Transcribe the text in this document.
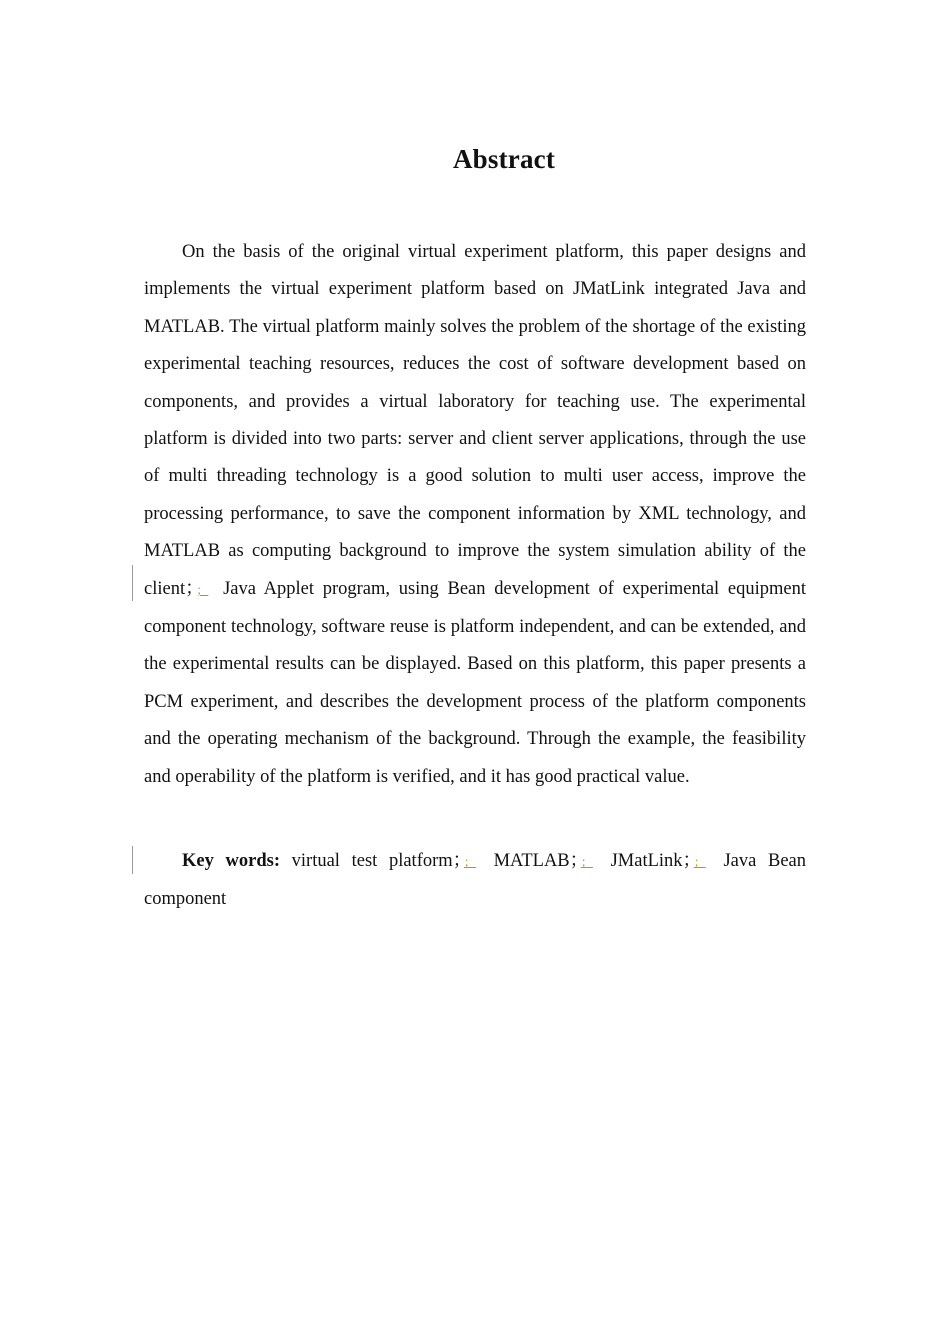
Abstract

On the basis of the original virtual experiment platform, this paper designs and implements the virtual experiment platform based on JMatLink integrated Java and MATLAB. The virtual platform mainly solves the problem of the shortage of the existing experimental teaching resources, reduces the cost of software development based on components, and provides a virtual laboratory for teaching use. The experimental platform is divided into two parts: server and client server applications, through the use of multi threading technology is a good solution to multi user access, improve the processing performance, to save the component information by XML technology, and MATLAB as computing background to improve the system simulation ability of the client； ； Java Applet program, using Bean development of experimental equipment component technology, software reuse is platform independent, and can be extended, and the experimental results can be displayed. Based on this platform, this paper presents a PCM experiment, and describes the development process of the platform components and the operating mechanism of the background. Through the example, the feasibility and operability of the platform is verified, and it has good practical value.

Key words: virtual test platform； ； MATLAB； ； JMatLink； ； Java Bean component
